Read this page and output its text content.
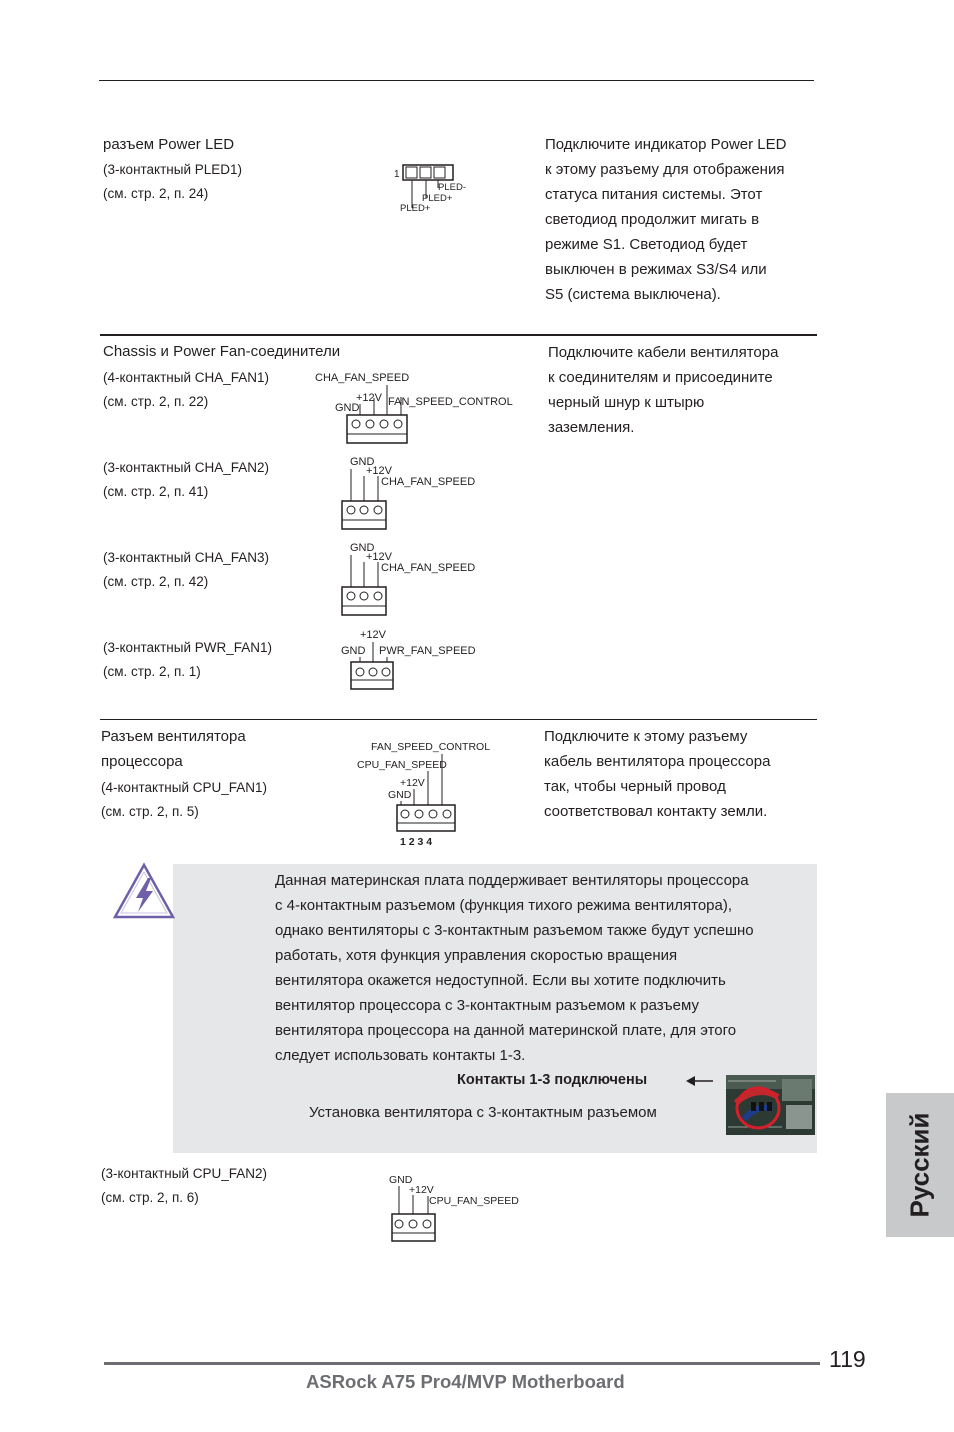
разъем Power LED
(3-контактный PLED1)
(см. стр. 2, п. 24)
1
PLED-
PLED+
PLED+
Подключите индикатор Power LED
к этому разъему для отображения
статуса питания системы. Этот
светодиод продолжит мигать в
режиме S1. Светодиод будет
выключен в режимах S3/S4 или
S5 (система выключена).
Chassis и Power Fan-соединители	Подключите кабели вентилятора
к соединителям и присоедините
черный шнур к штырю
заземления.
(4-контактный CHA_FAN1)
(см. стр. 2, п. 22)
CHA_FAN_SPEED
+12V FAN_SPEED_CONTROL
GND
(3-контактный CHA_FAN2)
(см. стр. 2, п. 41)
GND
+12V
CHA_FAN_SPEED
(3-контактный CHA_FAN3)
(см. стр. 2, п. 42)
GND
+12V
CHA_FAN_SPEED
(3-контактный PWR_FAN1)
(см. стр. 2, п. 1)
+12V
GND PWR_FAN_SPEED
Разъем вентилятора
процессора
(4-контактный CPU_FAN1)
(см. стр. 2, п. 5)
FAN_SPEED_CONTROL
CPU_FAN_SPEED
+12V
GND
1 2 3 4
Подключите к этому разъему
кабель вентилятора процессора
так, чтобы черный провод
соответствовал контакту земли.
Данная материнская плата поддерживает вентиляторы процессора
с 4-контактным разъемом (функция тихого режима вентилятора),
однако вентиляторы с 3-контактным разъемом также будут успешно
работать, хотя функция управления скоростью вращения
вентилятора окажется недоступной. Если вы хотите подключить
вентилятор процессора с 3-контактным разъемом к разъему
вентилятора процессора на данной материнской плате, для этого
следует использовать контакты 1-3.
Контакты 1-3 подключены
Установка вентилятора с 3-контактным разъемом
(3-контактный CPU_FAN2)
(см. стр. 2, п. 6)
GND
+12V
CPU_FAN_SPEED	Русский
119
ASRock A75 Pro4/MVP Motherboard
